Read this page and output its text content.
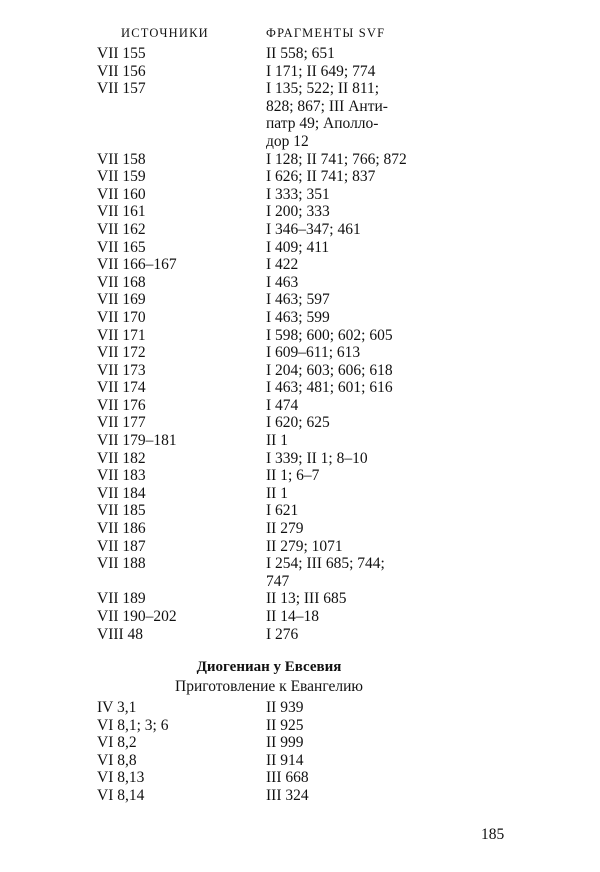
ИСТОЧНИКИ	ФРАГМЕНТЫ SVF
VII 155	II 558; 651
VII 156	I 171; II 649; 774
VII 157	I 135; 522; II 811;
828; 867; III Анти-
патр 49; Аполло-
дор 12
VII 158	I 128; II 741; 766; 872
VII 159	I 626; II 741; 837
VII 160	I 333; 351
VII 161	I 200; 333
VII 162	I 346–347; 461
VII 165	I 409; 411
VII 166–167	I 422
VII 168	I 463
VII 169	I 463; 597
VII 170	I 463; 599
VII 171	I 598; 600; 602; 605
VII 172	I 609–611; 613
VII 173	I 204; 603; 606; 618
VII 174	I 463; 481; 601; 616
VII 176	I 474
VII 177	I 620; 625
VII 179–181	II 1
VII 182	I 339; II 1; 8–10
VII 183	II 1; 6–7
VII 184	II 1
VII 185	I 621
VII 186	II 279
VII 187	II 279; 1071
VII 188	I 254; III 685; 744;
747
VII 189	II 13; III 685
VII 190–202	II 14–18
VIII 48	I 276
Диогениан у Евсевия
Приготовление к Евангелию
IV 3,1	II 939
VI 8,1; 3; 6	II 925
VI 8,2	II 999
VI 8,8	II 914
VI 8,13	III 668
VI 8,14	III 324
185
